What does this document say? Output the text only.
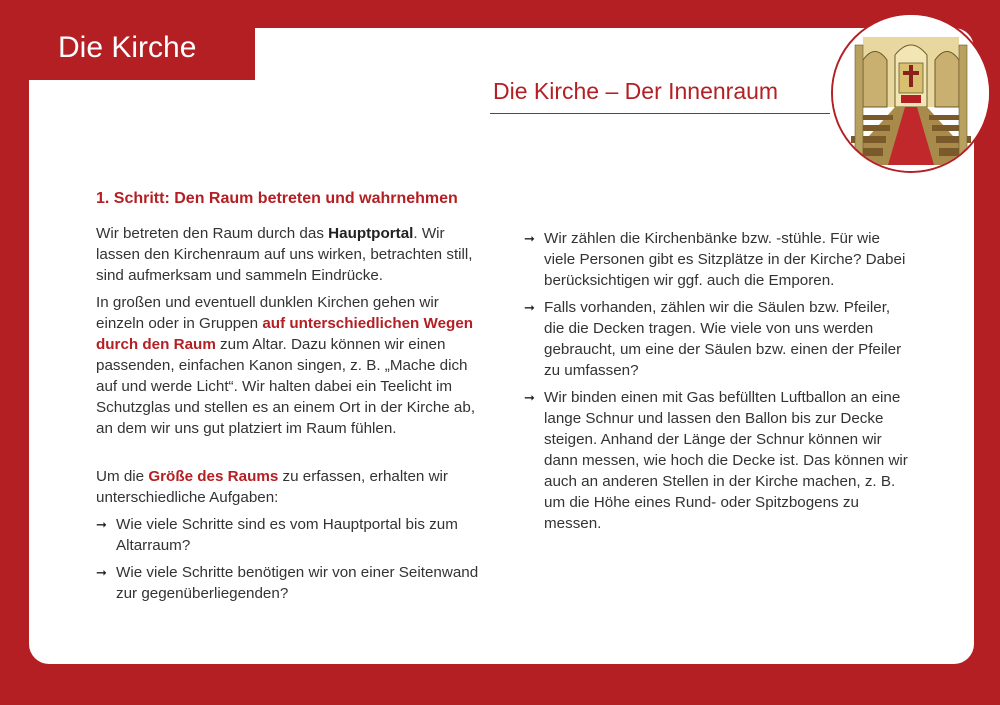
Die Kirche
Die Kirche – Der Innenraum
1. Schritt: Den Raum betreten und wahrnehmen

Wir betreten den Raum durch das Hauptportal. Wir lassen den Kirchenraum auf uns wirken, betrachten still, sind aufmerksam und sammeln Eindrücke.

In großen und eventuell dunklen Kirchen gehen wir einzeln oder in Gruppen auf unterschiedlichen Wegen durch den Raum zum Altar. Dazu können wir einen passenden, einfachen Kanon singen, z. B. „Mache dich auf und werde Licht“. Wir halten dabei ein Teelicht im Schutzglas und stellen es an einem Ort in der Kirche ab, an dem wir uns gut platziert im Raum fühlen.

Um die Größe des Raums zu erfassen, erhalten wir unterschiedliche Aufgaben:

➞ Wie viele Schritte sind es vom Hauptportal bis zum Altarraum?
➞ Wie viele Schritte benötigen wir von einer Seitenwand zur gegenüberliegenden?
➞ Wir zählen die Kirchenbänke bzw. -stühle. Für wie viele Personen gibt es Sitzplätze in der Kirche? Dabei berücksichtigen wir ggf. auch die Emporen.
➞ Falls vorhanden, zählen wir die Säulen bzw. Pfeiler, die die Decken tragen. Wie viele von uns werden gebraucht, um eine der Säulen bzw. einen der Pfeiler zu umfassen?
➞ Wir binden einen mit Gas befüllten Luftballon an eine lange Schnur und lassen den Ballon bis zur Decke steigen. Anhand der Länge der Schnur können wir dann messen, wie hoch die Decke ist. Das können wir auch an anderen Stellen in der Kirche machen, z. B. um die Höhe eines Rund- oder Spitzbogens zu messen.
